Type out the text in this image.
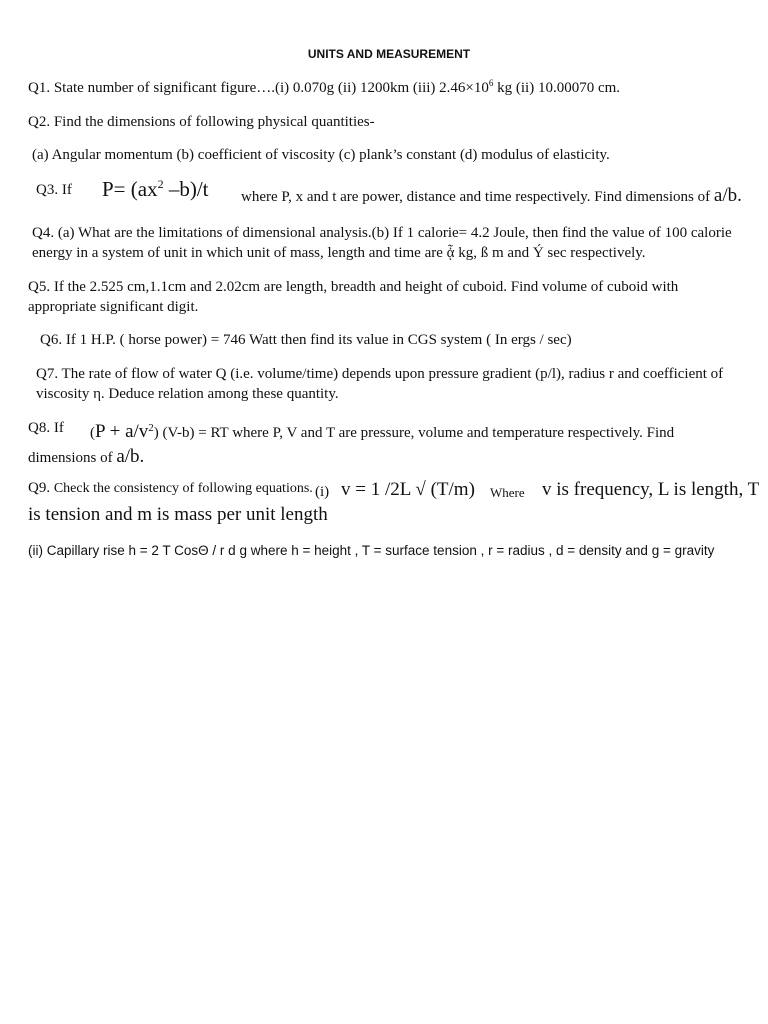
UNITS AND MEASUREMENT
Q1. State number of significant figure….(i) 0.070g (ii) 1200km (iii) $2.46\times 10^6$ kg (ii) 10.00070 cm.
Q2. Find the dimensions of following physical quantities-
(a) Angular momentum (b) coefficient of viscosity (c) plank’s constant (d) modulus of elasticity.
Q3. If $P= (ax^2$ –b)/t where P, x and t are power, distance and time respectively. Find dimensions of a/b.
Q4. (a) What are the limitations of dimensional analysis.(b) If 1 calorie= 4.2 Joule, then find the value of 100 calorie energy in a system of unit in which unit of mass, length and time are ᾆ kg, ß m and Ý sec respectively.
Q5. If the 2.525 cm,1.1cm and 2.02cm are length, breadth and height of cuboid. Find volume of cuboid with appropriate significant digit.
Q6. If 1 H.P. ( horse power) = 746 Watt then find its value in CGS system ( In ergs / sec)
Q7. The rate of flow of water Q (i.e. volume/time) depends upon pressure gradient (p/l), radius r and coefficient of viscosity η. Deduce relation among these quantity.
Q8. If $(P + a/v^2)$ (V-b) = RT where P, V and T are pressure, volume and temperature respectively. Find
dimensions of a/b.
Q9. Check the consistency of following equations. (i) v = 1 /2L √ (T/m) Where v is frequency, L is length, T
is tension and m is mass per unit length
(ii) Capillary rise h = 2 T CosΘ / r d g where h = height , T = surface tension , r = radius , d = density and g = gravity
